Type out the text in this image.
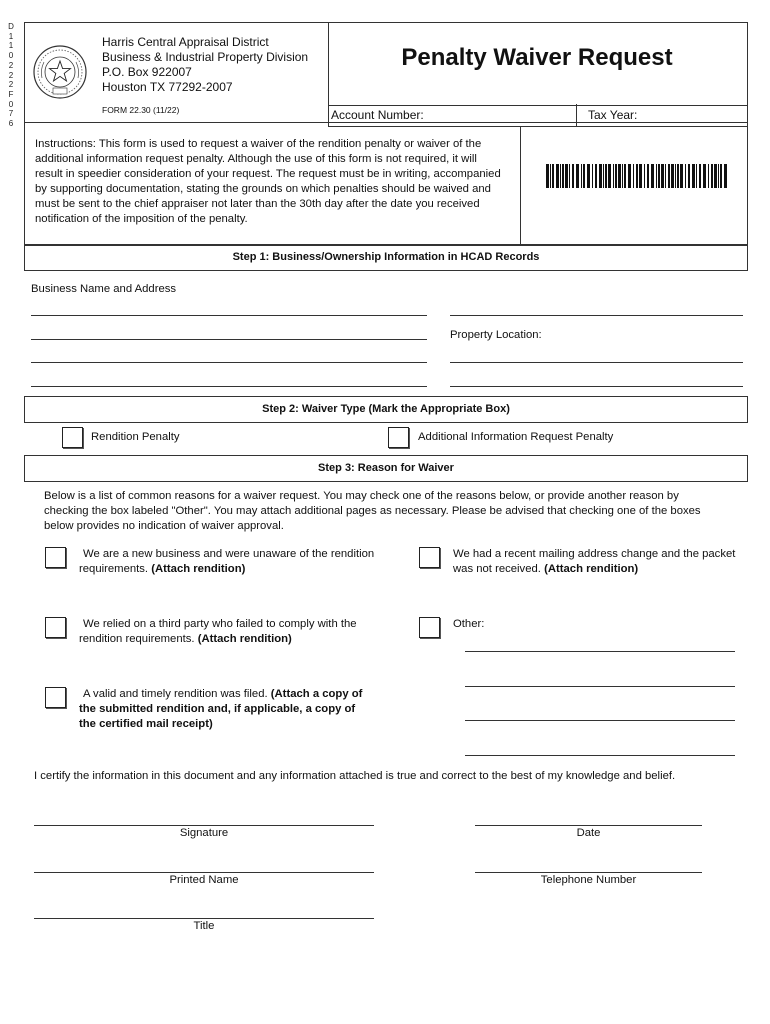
D
1
1
0
2
2
2
F
0
7
6
Harris Central Appraisal District
Business & Industrial Property Division
P.O. Box 922007
Houston TX 77292-2007
FORM 22.30 (11/22)
Penalty Waiver Request
Account Number:	Tax Year:
Instructions: This form is used to request a waiver of the rendition penalty or waiver of the additional information request penalty. Although the use of this form is not required, it will result in speedier consideration of your request. The request must be in writing, accompanied by supporting documentation, stating the grounds on which penalties should be waived and must be sent to the chief appraiser not later than the 30th day after the date you received notification of the imposition of the penalty.
Step 1: Business/Ownership Information in HCAD Records
Business Name and Address
Property Location:
Step 2: Waiver Type (Mark the Appropriate Box)
Rendition Penalty	Additional Information Request Penalty
Step 3: Reason for Waiver
Below is a list of common reasons for a waiver request. You may check one of the reasons below, or provide another reason by checking the box labeled "Other". You may attach additional pages as necessary. Please be advised that checking one of the boxes below provides no indication of waiver approval.
We are a new business and were unaware of the rendition requirements. (Attach rendition)
We had a recent mailing address change and the packet was not received. (Attach rendition)
We relied on a third party who failed to comply with the rendition requirements. (Attach rendition)
Other:
A valid and timely rendition was filed. (Attach a copy of the submitted rendition and, if applicable, a copy of the certified mail receipt)
I certify the information in this document and any information attached is true and correct to the best of my knowledge and belief.
Signature	Date
Printed Name	Telephone Number
Title
